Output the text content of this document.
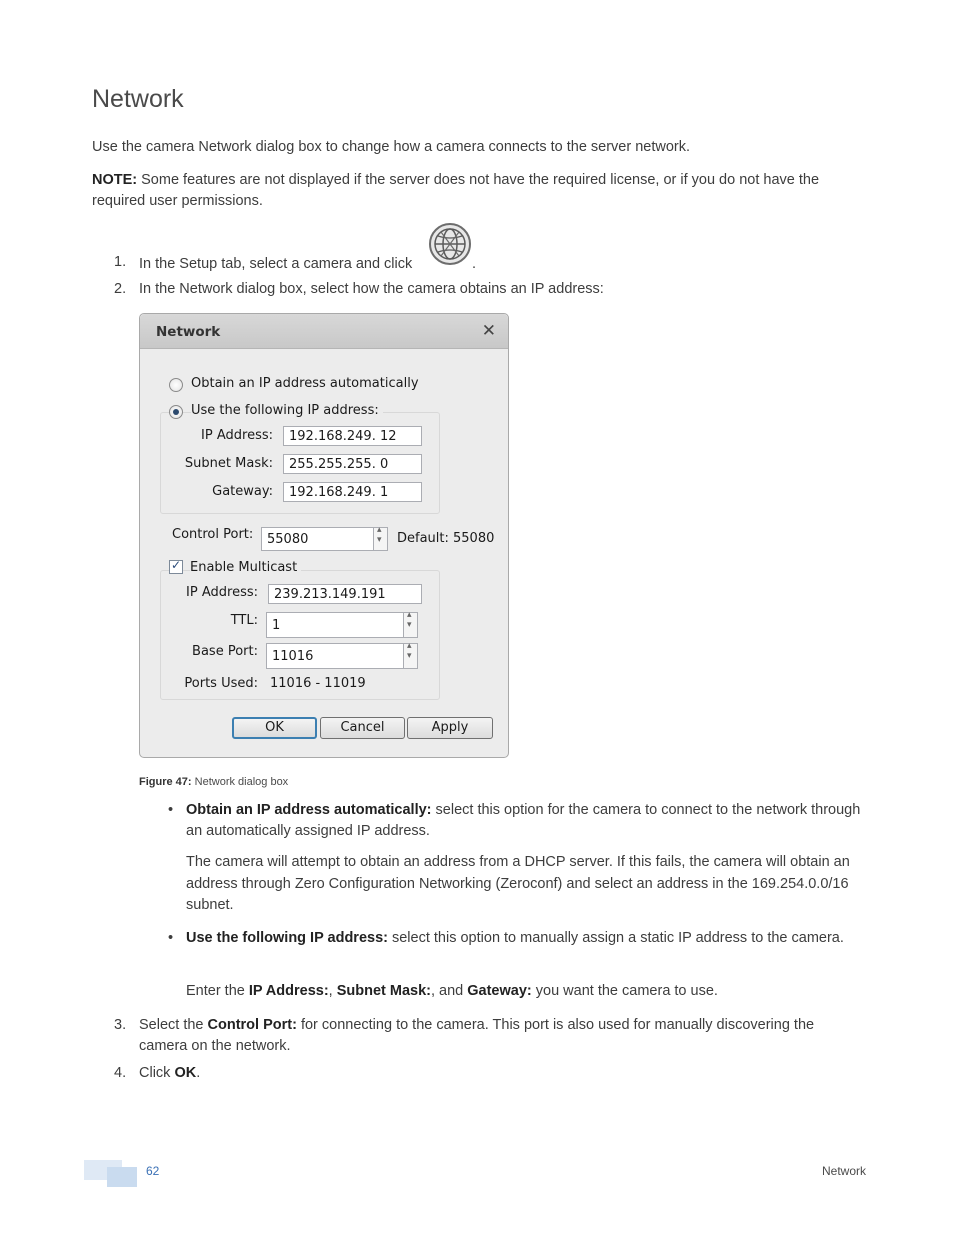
Network

Use the camera Network dialog box to change how a camera connects to the server network.

NOTE: Some features are not displayed if the server does not have the required license, or if you do not have the required user permissions.

1. In the Setup tab, select a camera and click	.
2. In the Network dialog box, select how the camera obtains an IP address:
Network	✕
Obtain an IP address automatically
Use the following IP address:
IP Address:	192.168.249. 12
Subnet Mask:	255.255.255. 0
Gateway:	192.168.249. 1
Control Port:	55080
▴ ▾	Default: 55080
✓
Enable Multicast
IP Address:	239.213.149.191
TTL:	1
▴ ▾
Base Port:	11016
▴ ▾
Ports Used: 11016 - 11019
OK	Cancel	Apply
Figure 47: Network dialog box
• Obtain an IP address automatically: select this option for the camera to connect to the network through an automatically assigned IP address.

The camera will attempt to obtain an address from a DHCP server. If this fails, the camera will obtain an address through Zero Configuration Networking (Zeroconf) and select an address in the 169.254.0.0/16 subnet.

• Use the following IP address: select this option to manually assign a static IP address to the camera.

Enter the IP Address:, Subnet Mask:, and Gateway: you want the camera to use.

3. Select the Control Port: for connecting to the camera. This port is also used for manually discovering the camera on the network.
4. Click OK.
62	Network
